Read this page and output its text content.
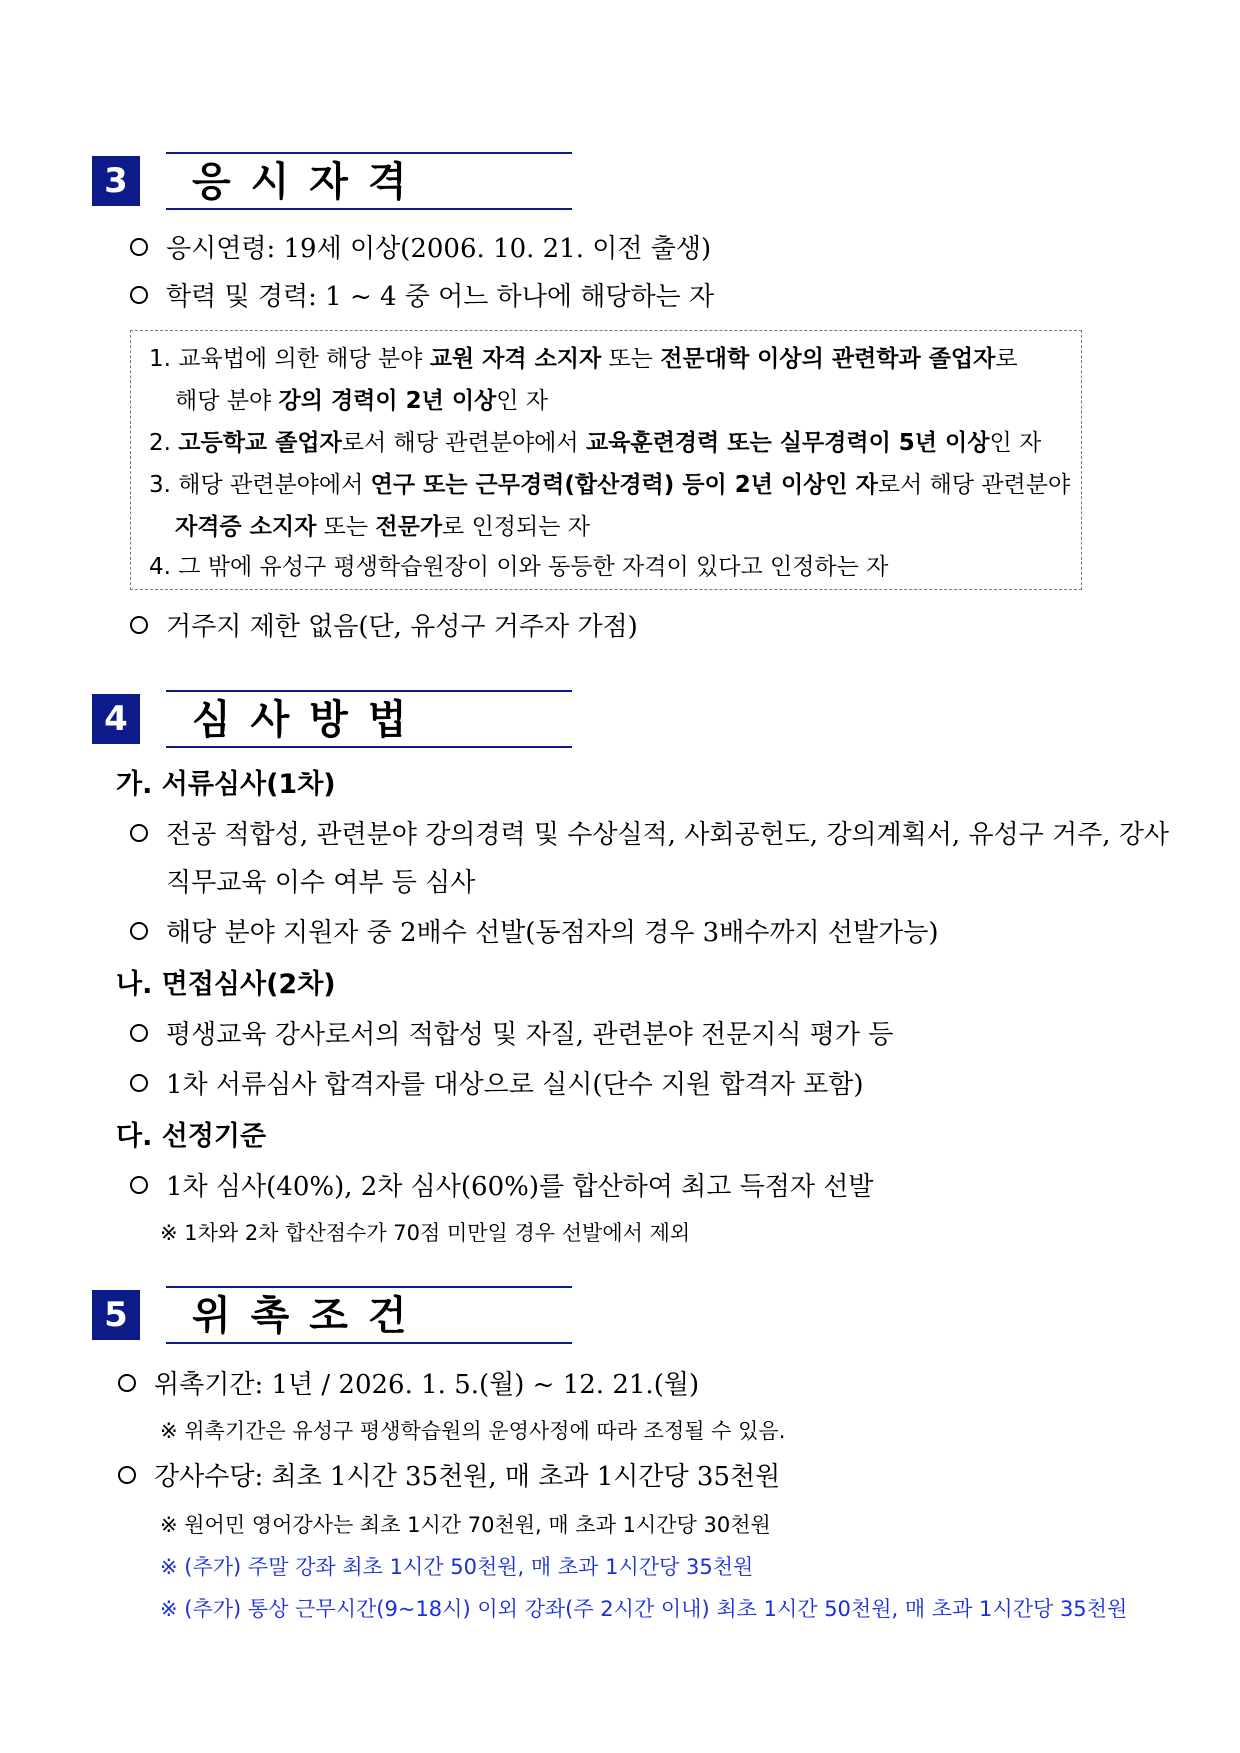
3	응시자격
응시연령: 19세 이상(2006. 10. 21. 이전 출생)
학력 및 경력: 1 ~ 4 중 어느 하나에 해당하는 자
1. 교육법에 의한 해당 분야 교원 자격 소지자 또는 전문대학 이상의 관련학과 졸업자로
해당 분야 강의 경력이 2년 이상인 자
2. 고등학교 졸업자로서 해당 관련분야에서 교육훈련경력 또는 실무경력이 5년 이상인 자
3. 해당 관련분야에서 연구 또는 근무경력(합산경력) 등이 2년 이상인 자로서 해당 관련분야
자격증 소지자 또는 전문가로 인정되는 자
4. 그 밖에 유성구 평생학습원장이 이와 동등한 자격이 있다고 인정하는 자
거주지 제한 없음(단, 유성구 거주자 가점)
4	심사방법
가. 서류심사(1차)
전공 적합성, 관련분야 강의경력 및 수상실적, 사회공헌도, 강의계획서, 유성구 거주, 강사
직무교육 이수 여부 등 심사
해당 분야 지원자 중 2배수 선발(동점자의 경우 3배수까지 선발가능)
나. 면접심사(2차)
평생교육 강사로서의 적합성 및 자질, 관련분야 전문지식 평가 등
1차 서류심사 합격자를 대상으로 실시(단수 지원 합격자 포함)
다. 선정기준
1차 심사(40%), 2차 심사(60%)를 합산하여 최고 득점자 선발
※ 1차와 2차 합산점수가 70점 미만일 경우 선발에서 제외
5	위촉조건
위촉기간: 1년 / 2026. 1. 5.(월) ~ 12. 21.(월)
※ 위촉기간은 유성구 평생학습원의 운영사정에 따라 조정될 수 있음.
강사수당: 최초 1시간 35천원, 매 초과 1시간당 35천원
※ 원어민 영어강사는 최초 1시간 70천원, 매 초과 1시간당 30천원
※ (추가) 주말 강좌 최초 1시간 50천원, 매 초과 1시간당 35천원
※ (추가) 통상 근무시간(9~18시) 이외 강좌(주 2시간 이내) 최초 1시간 50천원, 매 초과 1시간당 35천원
